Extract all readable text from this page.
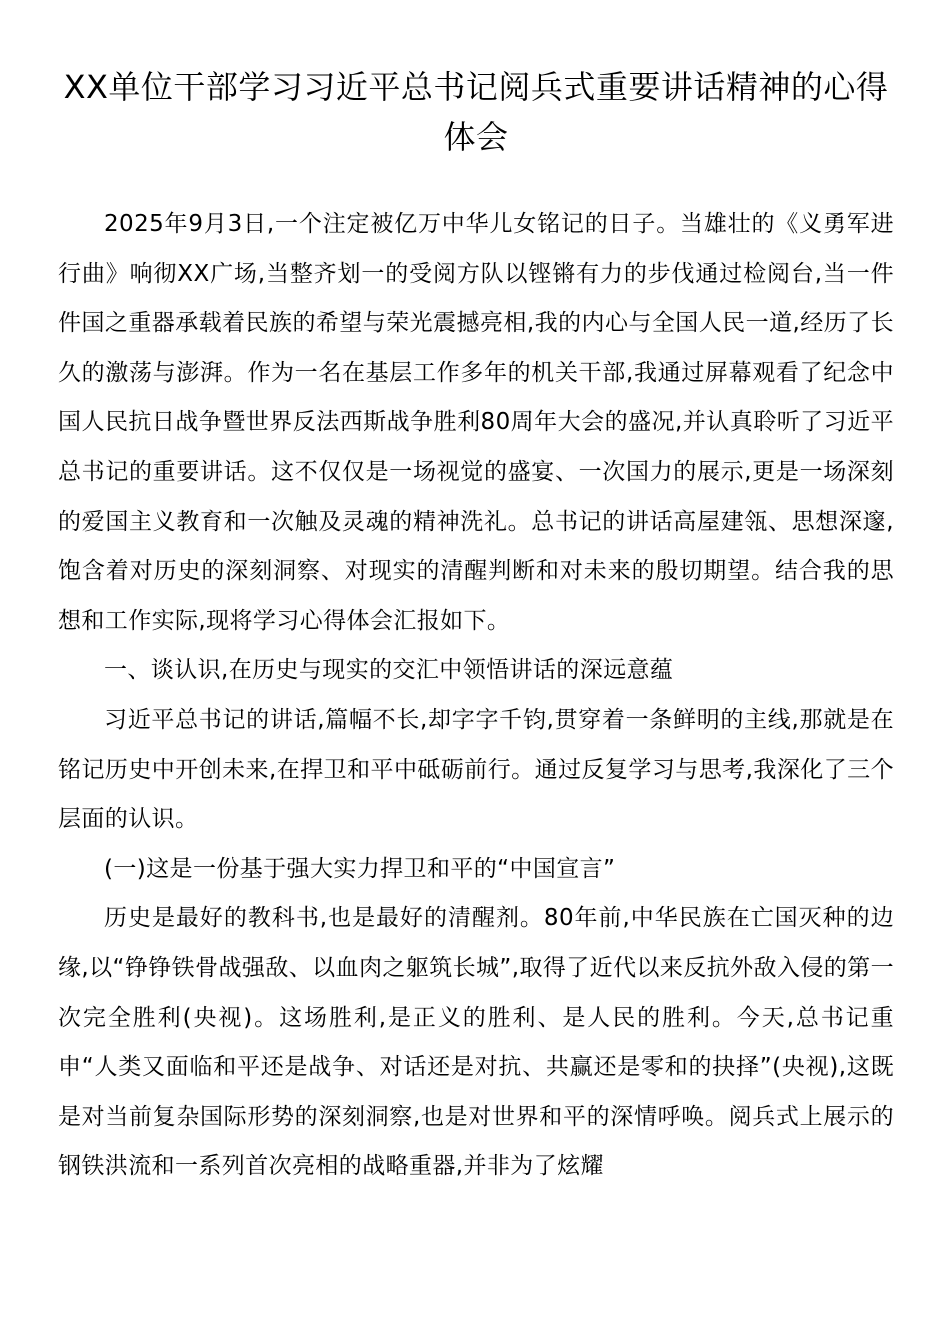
XX单位干部学习习近平总书记阅兵式重要讲话精神的心得体会

2025年9月3日,一个注定被亿万中华儿女铭记的日子。当雄壮的《义勇军进行曲》响彻XX广场,当整齐划一的受阅方队以铿锵有力的步伐通过检阅台,当一件件国之重器承载着民族的希望与荣光震撼亮相,我的内心与全国人民一道,经历了长久的激荡与澎湃。作为一名在基层工作多年的机关干部,我通过屏幕观看了纪念中国人民抗日战争暨世界反法西斯战争胜利80周年大会的盛况,并认真聆听了习近平总书记的重要讲话。这不仅仅是一场视觉的盛宴、一次国力的展示,更是一场深刻的爱国主义教育和一次触及灵魂的精神洗礼。总书记的讲话高屋建瓴、思想深邃,饱含着对历史的深刻洞察、对现实的清醒判断和对未来的殷切期望。结合我的思想和工作实际,现将学习心得体会汇报如下。

一、谈认识,在历史与现实的交汇中领悟讲话的深远意蕴

习近平总书记的讲话,篇幅不长,却字字千钧,贯穿着一条鲜明的主线,那就是在铭记历史中开创未来,在捍卫和平中砥砺前行。通过反复学习与思考,我深化了三个层面的认识。

(一)这是一份基于强大实力捍卫和平的“中国宣言”

历史是最好的教科书,也是最好的清醒剂。80年前,中华民族在亡国灭种的边缘,以“铮铮铁骨战强敌、以血肉之躯筑长城”,取得了近代以来反抗外敌入侵的第一次完全胜利(央视)。这场胜利,是正义的胜利、是人民的胜利。今天,总书记重申“人类又面临和平还是战争、对话还是对抗、共赢还是零和的抉择”(央视),这既是对当前复杂国际形势的深刻洞察,也是对世界和平的深情呼唤。阅兵式上展示的钢铁洪流和一系列首次亮相的战略重器,并非为了炫耀
